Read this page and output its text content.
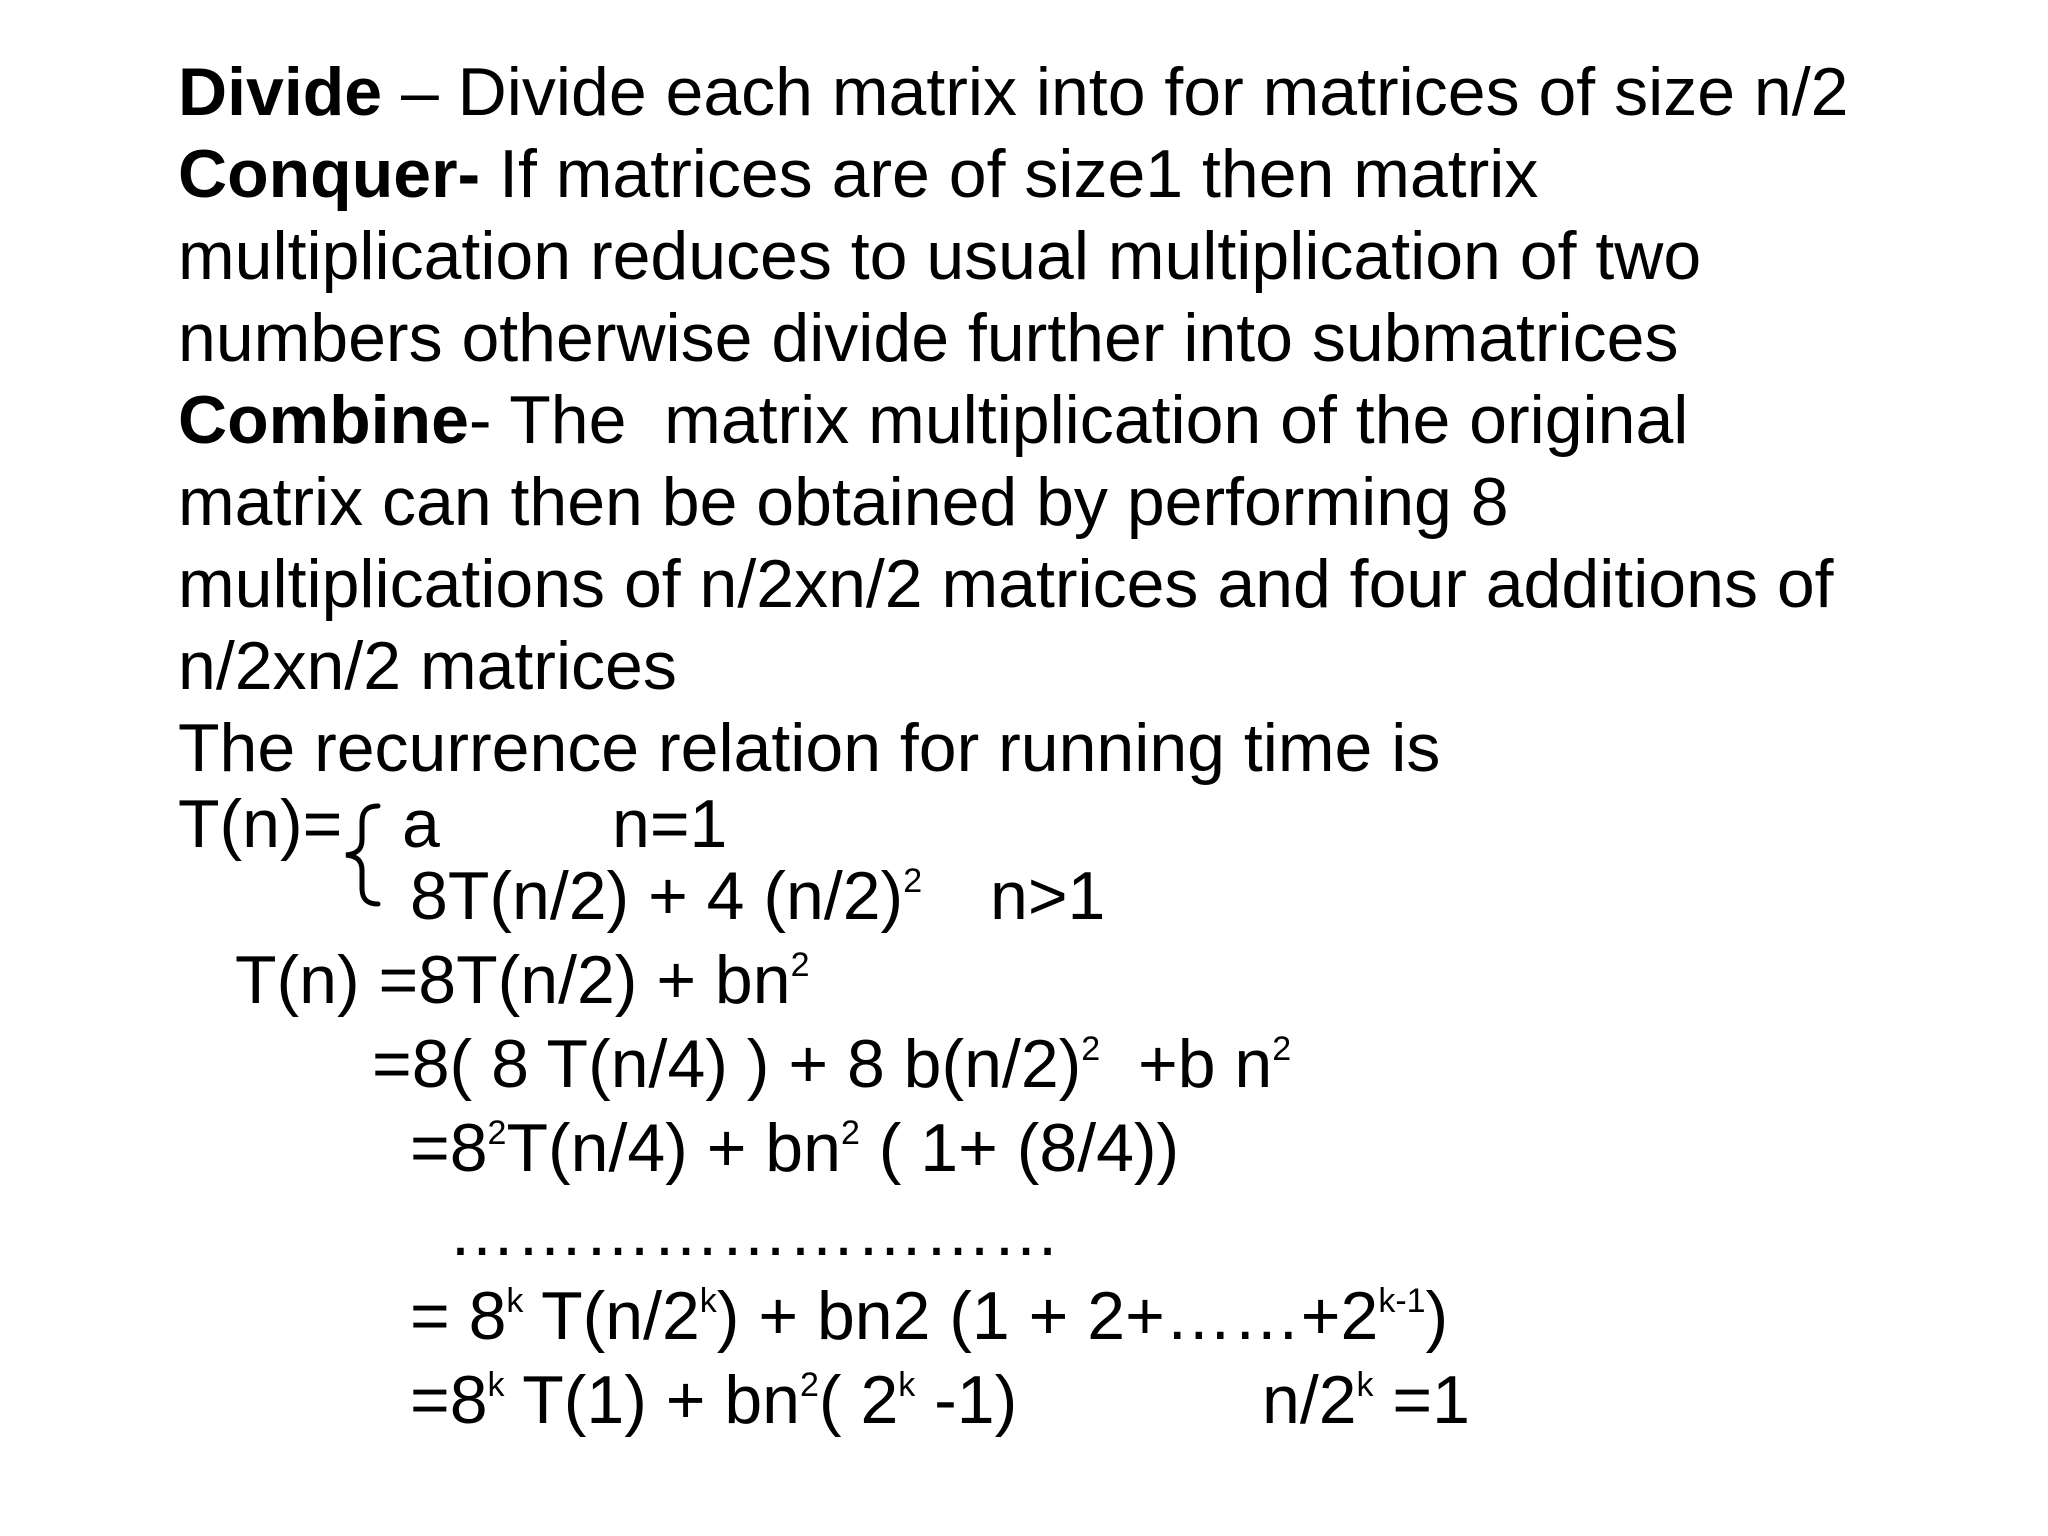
Divide – Divide each matrix into for matrices of size n/2
Conquer- If matrices are of size1 then matrix
multiplication reduces to usual multiplication of two
numbers otherwise divide further into submatrices
Combine- The  matrix multiplication of the original
matrix can then be obtained by performing 8
multiplications of n/2xn/2 matrices and four additions of
n/2xn/2 matrices
The recurrence relation for running time is
T(n)= a	n=1
8T(n/2) + 4 $(n/2)^2$ n>1
$T(n) =8T(n/2) + bn^2$
=8( 8 T(n/4) ) + 8 $b(n/2)^2 +b$ $n^2$
$=8^2T(n/4) + bn^2$ ( 1+ (8/4))
………………………
= $8^k$ $T(n/2^k) + bn2$ $(1 + 2+\dots\dots+2^{k-1})$
$=8^k$ $T(1) + bn^2$( 2$^k$ -1)	$n/2^k =1$
